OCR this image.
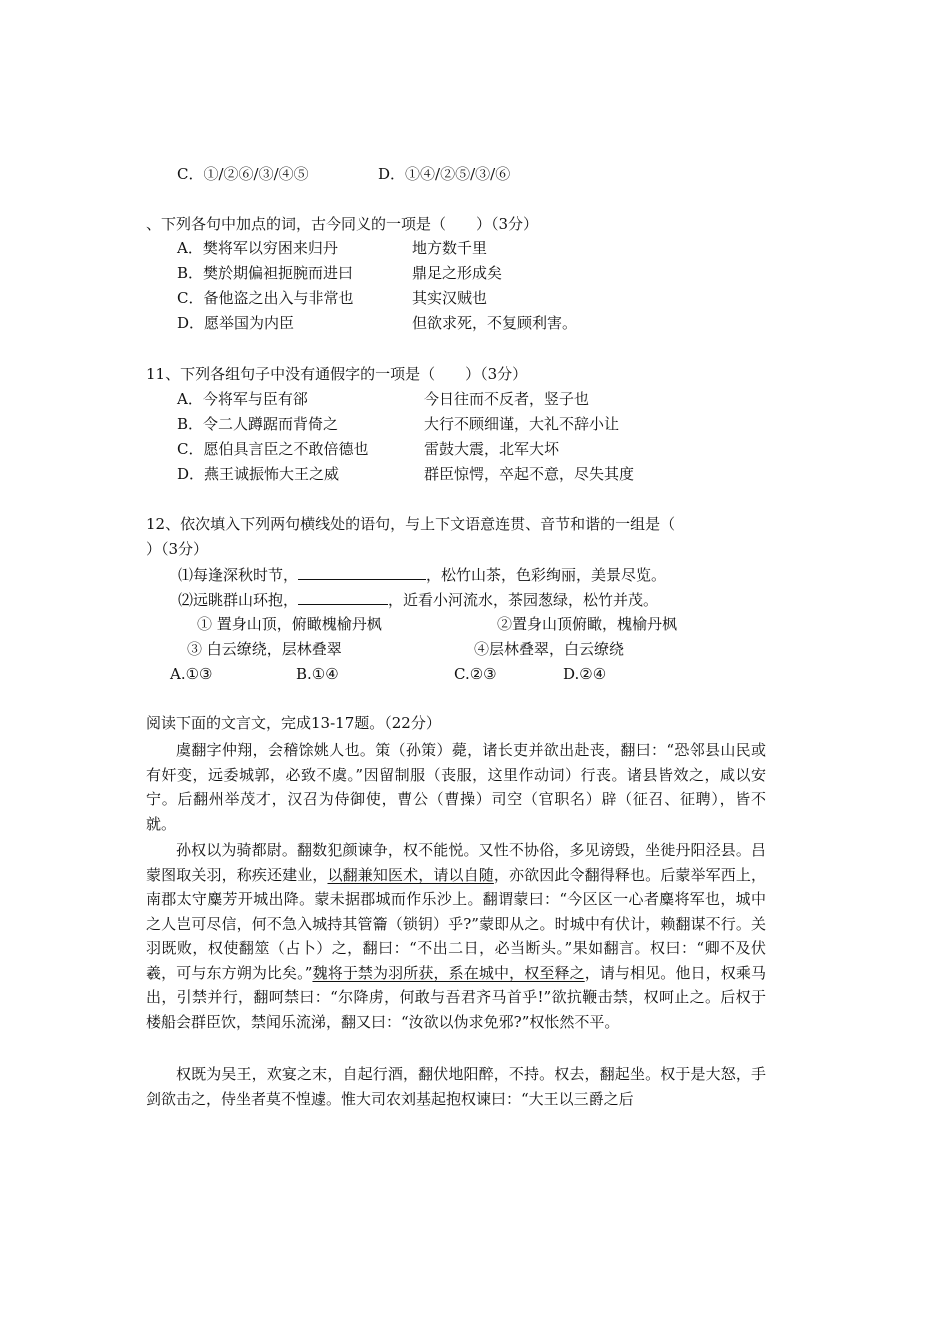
C．①/②⑥/③/④⑤	D．①④/②⑤/③/⑥
、下列各句中加点的词，古今同义的一项是（　　）（3分）
A．樊将军以穷困来归丹	地方数千里
B．樊於期偏袒扼腕而进曰	鼎足之形成矣
C．备他盗之出入与非常也	其实汉贼也
D．愿举国为内臣	但欲求死，不复顾利害。
11、下列各组句子中没有通假字的一项是（　　）（3分）
A．今将军与臣有郤	今日往而不反者，竖子也
B．令二人蹲踞而背倚之	大行不顾细谨，大礼不辞小让
C．愿伯具言臣之不敢倍德也	雷鼓大震，北军大坏
D．燕王诚振怖大王之威	群臣惊愕，卒起不意，尽失其度
12、依次填入下列两句横线处的语句，与上下文语意连贯、音节和谐的一组是（
）（3分）
⑴每逢深秋时节，	，松竹山茶，色彩绚丽，美景尽览。
⑵远眺群山环抱，	，近看小河流水，茶园葱绿，松竹并茂。
① 置身山顶，俯瞰槐榆丹枫	②置身山顶俯瞰，槐榆丹枫
③ 白云缭绕，层林叠翠	④层林叠翠，白云缭绕
A.①③	B.①④	C.②③	D.②④
阅读下面的文言文，完成13-17题。（22分）
虞翻字仲翔，会稽馀姚人也。策（孙策）薨，诸长吏并欲出赴丧，翻曰：“恐邻县山民或有奸变，远委城郭，必致不虞。”因留制服（丧服，这里作动词）行丧。诸县皆效之，咸以安宁。后翻州举茂才，汉召为侍御使，曹公（曹操）司空（官职名）辟（征召、征聘），皆不就。
孙权以为骑都尉。翻数犯颜谏争，权不能悦。又性不协俗，多见谤毁，坐徙丹阳泾县。吕蒙图取关羽，称疾还建业，以翻兼知医术，请以自随，亦欲因此令翻得释也。后蒙举军西上，南郡太守麋芳开城出降。蒙未据郡城而作乐沙上。翻谓蒙曰：“今区区一心者麋将军也，城中之人岂可尽信，何不急入城持其管籥（锁钥）乎?”蒙即从之。时城中有伏计，赖翻谋不行。关羽既败，权使翻筮（占卜）之，翻曰：“不出二日，必当断头。”果如翻言。权曰：“卿不及伏羲，可与东方朔为比矣。”魏将于禁为羽所获，系在城中，权至释之，请与相见。他日，权乘马出，引禁并行，翻呵禁曰：“尔降虏，何敢与吾君齐马首乎!”欲抗鞭击禁，权呵止之。后权于楼船会群臣饮，禁闻乐流涕，翻又曰：“汝欲以伪求免邪?”权怅然不平。
权既为吴王，欢宴之末，自起行酒，翻伏地阳醉，不持。权去，翻起坐。权于是大怒，手剑欲击之，侍坐者莫不惶遽。惟大司农刘基起抱权谏曰：“大王以三爵之后
